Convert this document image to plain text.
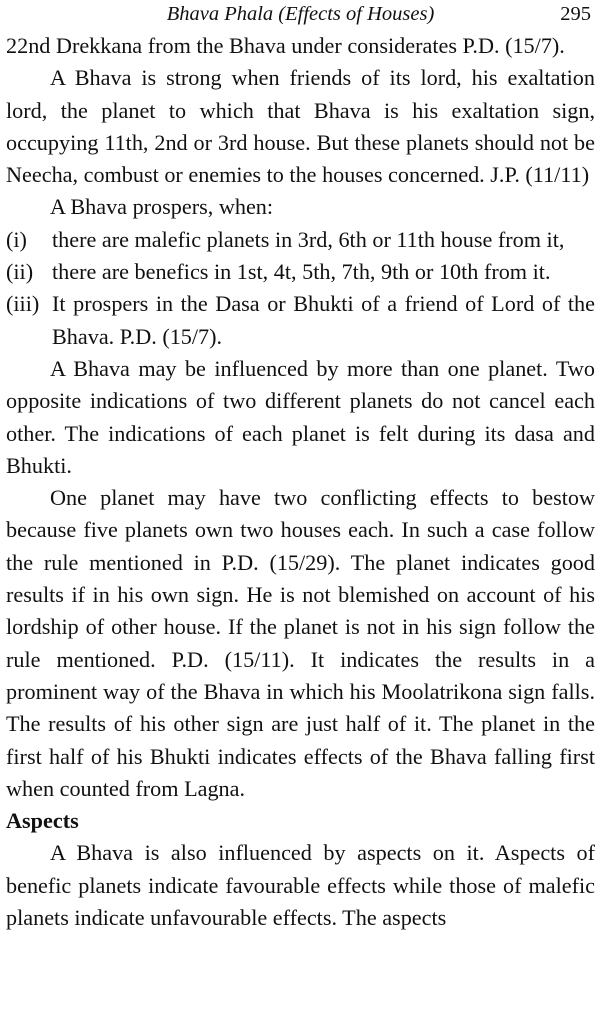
Bhava Phala (Effects of Houses)	295

22nd Drekkana from the Bhava under considerates P.D. (15/7).

A Bhava is strong when friends of its lord, his exaltation lord, the planet to which that Bhava is his exaltation sign, occupying 11th, 2nd or 3rd house. But these planets should not be Neecha, combust or enemies to the houses concerned. J.P. (11/11)

A Bhava prospers, when:

(i) there are malefic planets in 3rd, 6th or 11th house from it,
(ii) there are benefics in 1st, 4t, 5th, 7th, 9th or 10th from it.
(iii) It prospers in the Dasa or Bhukti of a friend of Lord of the Bhava. P.D. (15/7).

A Bhava may be influenced by more than one planet. Two opposite indications of two different planets do not cancel each other. The indications of each planet is felt during its dasa and Bhukti.

One planet may have two conflicting effects to bestow because five planets own two houses each. In such a case follow the rule mentioned in P.D. (15/29). The planet indicates good results if in his own sign. He is not blemished on account of his lordship of other house. If the planet is not in his sign follow the rule mentioned. P.D. (15/11). It indicates the results in a prominent way of the Bhava in which his Moolatrikona sign falls. The results of his other sign are just half of it. The planet in the first half of his Bhukti indicates effects of the Bhava falling first when counted from Lagna.

Aspects

A Bhava is also influenced by aspects on it. Aspects of benefic planets indicate favourable effects while those of malefic planets indicate unfavourable effects. The aspects
